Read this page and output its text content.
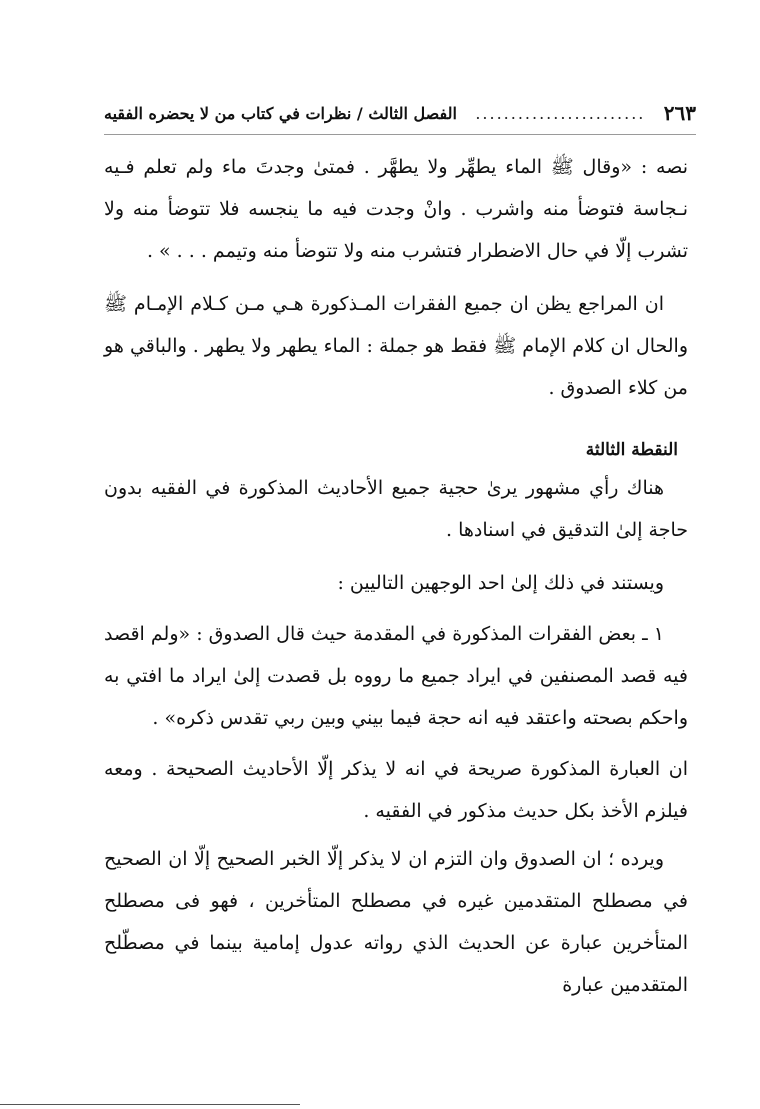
الفصل الثالث / نظرات في كتاب من لا يحضره الفقيه	........................ ٢٦٣

نصه : «وقال ﷺ الماء يطهِّر ولا يطهَّر . فمتىٰ وجدتَ ماء ولم تعلم فـيه نـجاسة فتوضأ منه واشرب . وانْ وجدت فيه ما ينجسه فلا تتوضأ منه ولا تشرب إلّا في حال الاضطرار فتشرب منه ولا تتوضأ منه وتيمم . . . » .

ان المراجع يظن ان جميع الفقرات المـذكورة هـي مـن كـلام الإمـام ﷺ والحال ان كلام الإمام ﷺ فقط هو جملة : الماء يطهر ولا يطهر . والباقي هو من كلاء الصدوق .

النقطة الثالثة

هناك رأي مشهور يرىٰ حجية جميع الأحاديث المذكورة في الفقيه بدون حاجة إلىٰ التدقيق في اسنادها .

ويستند في ذلك إلىٰ احد الوجهين التاليين :

١ ـ بعض الفقرات المذكورة في المقدمة حيث قال الصدوق : «ولم اقصد فيه قصد المصنفين في ايراد جميع ما رووه بل قصدت إلىٰ ايراد ما افتي به واحكم بصحته واعتقد فيه انه حجة فيما بيني وبين ربي تقدس ذكره» .

ان العبارة المذكورة صريحة في انه لا يذكر إلّا الأحاديث الصحيحة . ومعه فيلزم الأخذ بكل حديث مذكور في الفقيه .

ويرده ؛ ان الصدوق وان التزم ان لا يذكر إلّا الخبر الصحيح إلّا ان الصحيح في مصطلح المتقدمين غيره في مصطلح المتأخرين ، فهو فى مصطلح المتأخرين عبارة عن الحديث الذي رواته عدول إمامية بينما في مصطّلح المتقدمين عبارة
